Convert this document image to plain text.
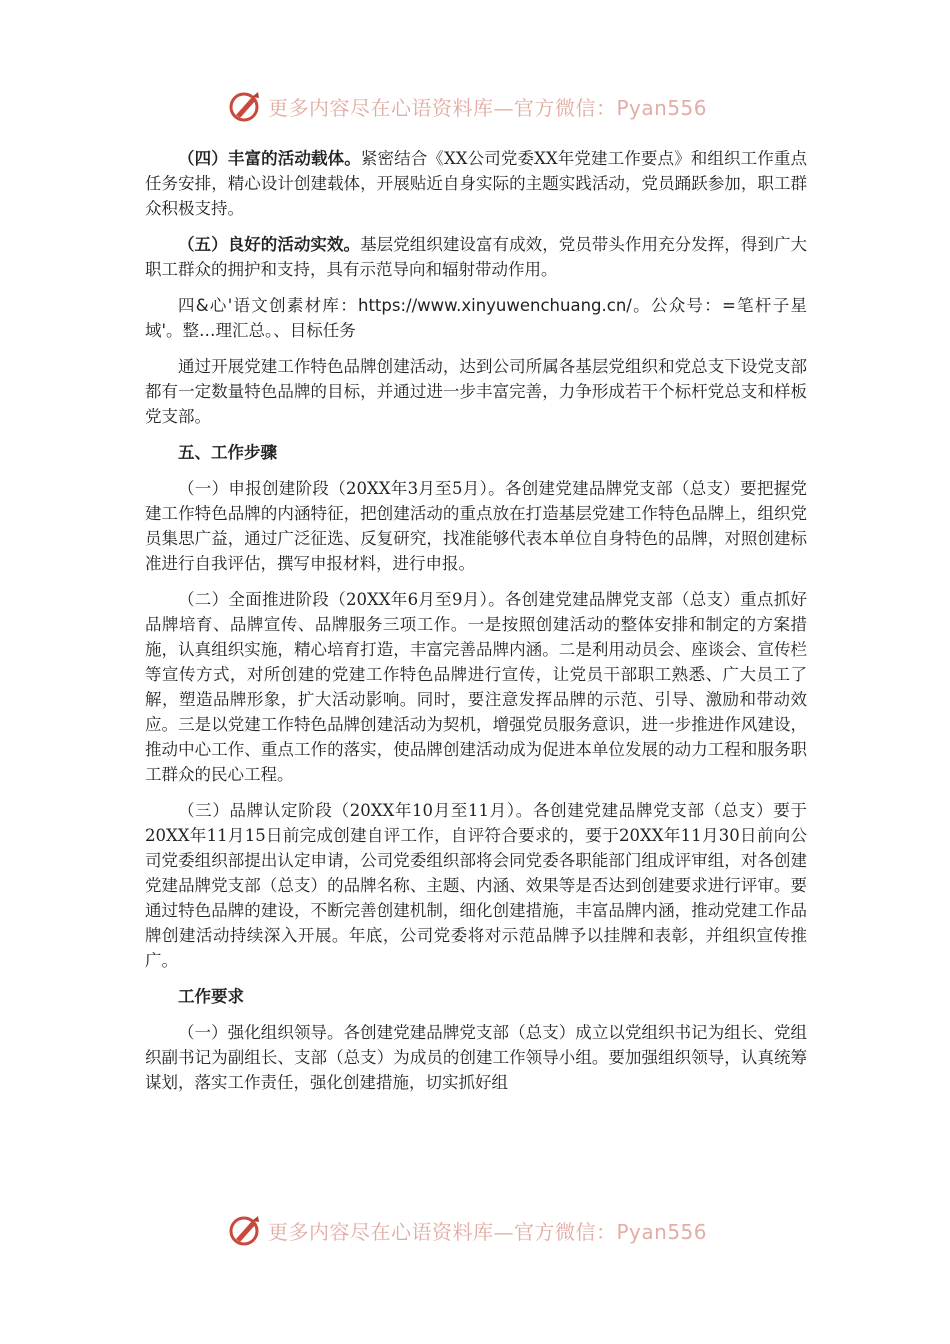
更多内容尽在心语资料库—官方微信：Pyan556

（四）丰富的活动载体。紧密结合《XX公司党委XX年党建工作要点》和组织工作重点任务安排，精心设计创建载体，开展贴近自身实际的主题实践活动，党员踊跃参加，职工群众积极支持。

（五）良好的活动实效。基层党组织建设富有成效，党员带头作用充分发挥，得到广大职工群众的拥护和支持，具有示范导向和辐射带动作用。

四&心'语文创素材库：https://www.xinyuwenchuang.cn/。公众号：=笔杆子星域'。整…理汇总。、目标任务

通过开展党建工作特色品牌创建活动，达到公司所属各基层党组织和党总支下设党支部都有一定数量特色品牌的目标，并通过进一步丰富完善，力争形成若干个标杆党总支和样板党支部。

五、工作步骤

（一）申报创建阶段（20XX年3月至5月）。各创建党建品牌党支部（总支）要把握党建工作特色品牌的内涵特征，把创建活动的重点放在打造基层党建工作特色品牌上，组织党员集思广益，通过广泛征选、反复研究，找准能够代表本单位自身特色的品牌，对照创建标准进行自我评估，撰写申报材料，进行申报。

（二）全面推进阶段（20XX年6月至9月）。各创建党建品牌党支部（总支）重点抓好品牌培育、品牌宣传、品牌服务三项工作。一是按照创建活动的整体安排和制定的方案措施，认真组织实施，精心培育打造，丰富完善品牌内涵。二是利用动员会、座谈会、宣传栏等宣传方式，对所创建的党建工作特色品牌进行宣传，让党员干部职工熟悉、广大员工了解，塑造品牌形象，扩大活动影响。同时，要注意发挥品牌的示范、引导、激励和带动效应。三是以党建工作特色品牌创建活动为契机，增强党员服务意识，进一步推进作风建设，推动中心工作、重点工作的落实，使品牌创建活动成为促进本单位发展的动力工程和服务职工群众的民心工程。

（三）品牌认定阶段（20XX年10月至11月）。各创建党建品牌党支部（总支）要于20XX年11月15日前完成创建自评工作，自评符合要求的，要于20XX年11月30日前向公司党委组织部提出认定申请，公司党委组织部将会同党委各职能部门组成评审组，对各创建党建品牌党支部（总支）的品牌名称、主题、内涵、效果等是否达到创建要求进行评审。要通过特色品牌的建设，不断完善创建机制，细化创建措施，丰富品牌内涵，推动党建工作品牌创建活动持续深入开展。年底，公司党委将对示范品牌予以挂牌和表彰，并组织宣传推广。

工作要求

（一）强化组织领导。各创建党建品牌党支部（总支）成立以党组织书记为组长、党组织副书记为副组长、支部（总支）为成员的创建工作领导小组。要加强组织领导，认真统筹谋划，落实工作责任，强化创建措施，切实抓好组

更多内容尽在心语资料库—官方微信：Pyan556
